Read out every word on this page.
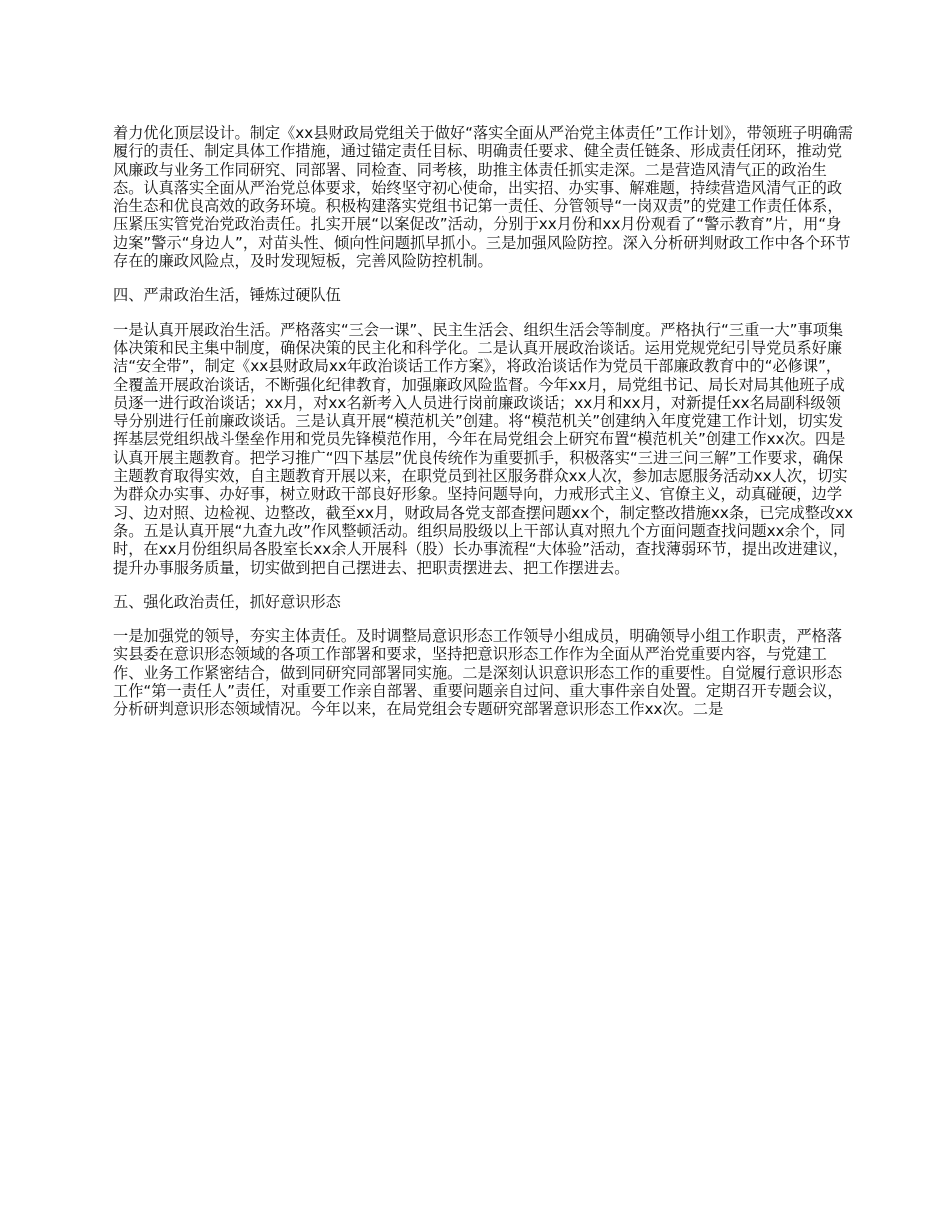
着力优化顶层设计。制定《xx县财政局党组关于做好“落实全面从严治党主体责任”工作计划》，带领班子明确需履行的责任、制定具体工作措施，通过锚定责任目标、明确责任要求、健全责任链条、形成责任闭环，推动党风廉政与业务工作同研究、同部署、同检查、同考核，助推主体责任抓实走深。二是营造风清气正的政治生态。认真落实全面从严治党总体要求，始终坚守初心使命，出实招、办实事、解难题，持续营造风清气正的政治生态和优良高效的政务环境。积极构建落实党组书记第一责任、分管领导“一岗双责”的党建工作责任体系，压紧压实管党治党政治责任。扎实开展“以案促改”活动，分别于xx月份和xx月份观看了“警示教育”片，用“身边案”警示“身边人”，对苗头性、倾向性问题抓早抓小。三是加强风险防控。深入分析研判财政工作中各个环节存在的廉政风险点，及时发现短板，完善风险防控机制。

四、严肃政治生活，锤炼过硬队伍

一是认真开展政治生活。严格落实“三会一课”、民主生活会、组织生活会等制度。严格执行“三重一大”事项集体决策和民主集中制度，确保决策的民主化和科学化。二是认真开展政治谈话。运用党规党纪引导党员系好廉洁“安全带”，制定《xx县财政局xx年政治谈话工作方案》，将政治谈话作为党员干部廉政教育中的“必修课”，全覆盖开展政治谈话，不断强化纪律教育，加强廉政风险监督。今年xx月，局党组书记、局长对局其他班子成员逐一进行政治谈话；xx月，对xx名新考入人员进行岗前廉政谈话；xx月和xx月，对新提任xx名局副科级领导分别进行任前廉政谈话。三是认真开展“模范机关”创建。将“模范机关”创建纳入年度党建工作计划，切实发挥基层党组织战斗堡垒作用和党员先锋模范作用，今年在局党组会上研究布置“模范机关”创建工作xx次。四是认真开展主题教育。把学习推广“四下基层”优良传统作为重要抓手，积极落实“三进三问三解”工作要求，确保主题教育取得实效，自主题教育开展以来，在职党员到社区服务群众xx人次，参加志愿服务活动xx人次，切实为群众办实事、办好事，树立财政干部良好形象。坚持问题导向，力戒形式主义、官僚主义，动真碰硬，边学习、边对照、边检视、边整改，截至xx月，财政局各党支部查摆问题xx个，制定整改措施xx条，已完成整改xx条。五是认真开展“九查九改”作风整顿活动。组织局股级以上干部认真对照九个方面问题查找问题xx余个，同时，在xx月份组织局各股室长xx余人开展科（股）长办事流程“大体验”活动，查找薄弱环节，提出改进建议，提升办事服务质量，切实做到把自己摆进去、把职责摆进去、把工作摆进去。

五、强化政治责任，抓好意识形态

一是加强党的领导，夯实主体责任。及时调整局意识形态工作领导小组成员，明确领导小组工作职责，严格落实县委在意识形态领域的各项工作部署和要求，坚持把意识形态工作作为全面从严治党重要内容，与党建工作、业务工作紧密结合，做到同研究同部署同实施。二是深刻认识意识形态工作的重要性。自觉履行意识形态工作“第一责任人”责任，对重要工作亲自部署、重要问题亲自过问、重大事件亲自处置。定期召开专题会议，分析研判意识形态领域情况。今年以来，在局党组会专题研究部署意识形态工作xx次。二是
